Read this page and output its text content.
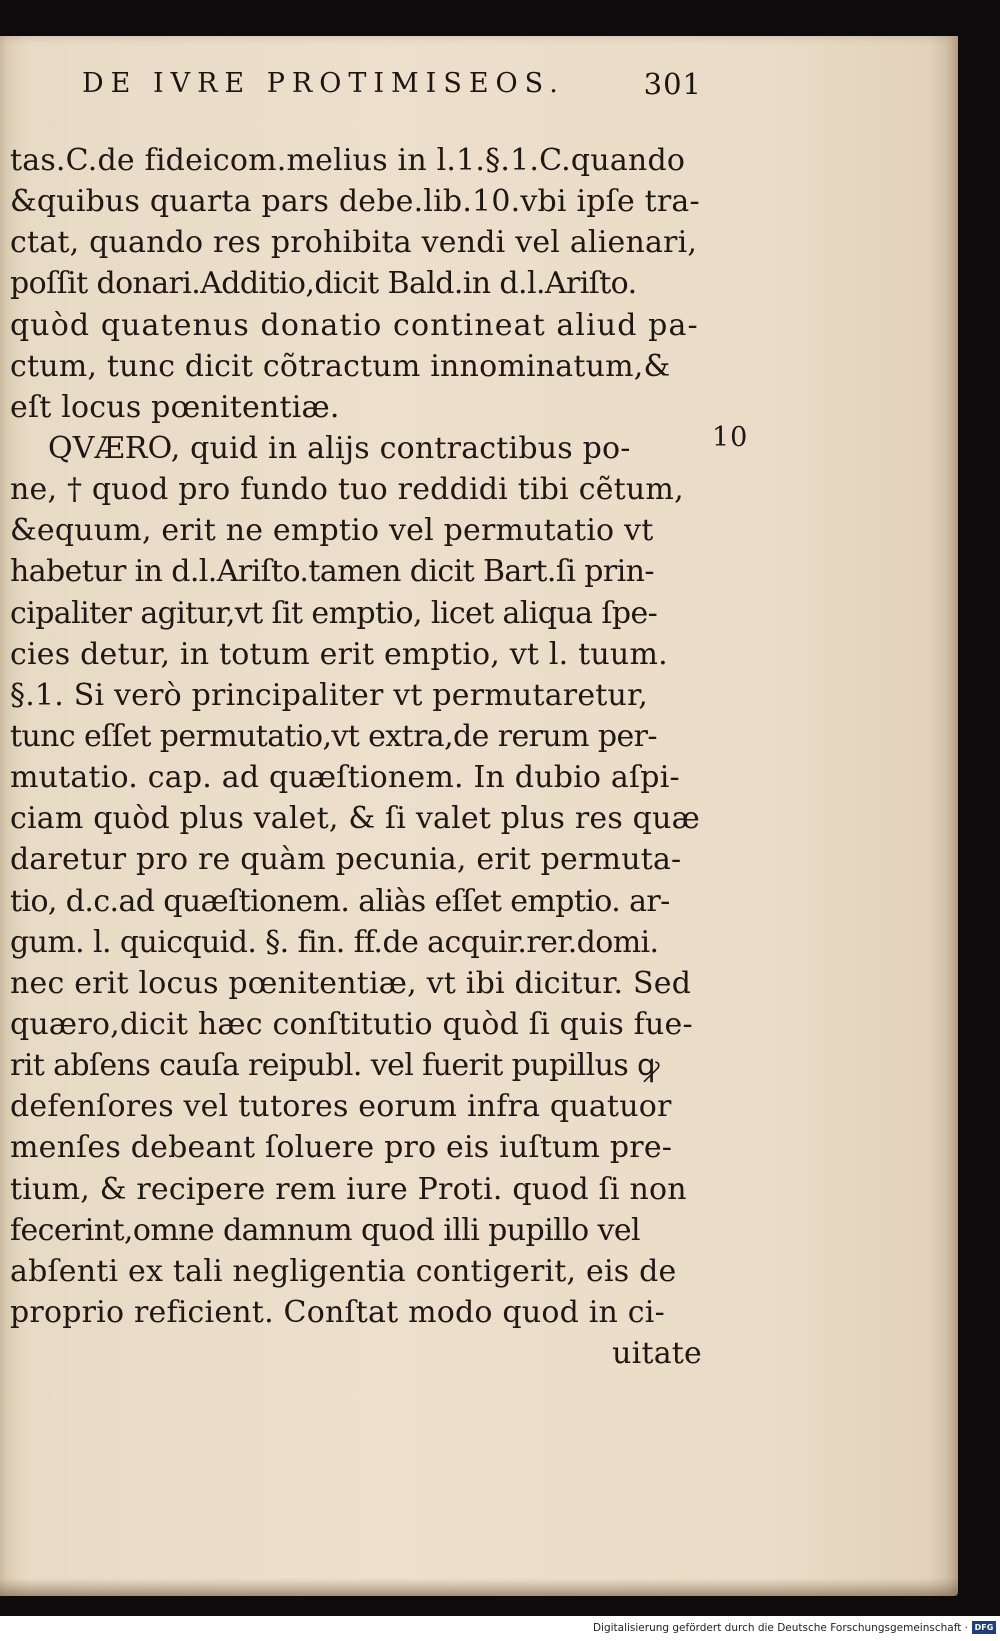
DE IVRE PROTIMISEOS.	301
tas.C.de fideicom.melius in l.1.§.1.C.quando
&quibus quarta pars debe.lib.10.vbi ipſe tra-
ctat, quando res prohibita vendi vel alienari,
poſſit donari.Additio,dicit Bald.in d.l.Ariſto.
quòd quatenus donatio contineat aliud pa-
ctum, tunc dicit cõtractum innominatum,&
eſt locus pœnitentiæ.
QVÆRO, quid in alijs contractibus po-
ne, † quod pro fundo tuo reddidi tibi cẽtum,
&equum, erit ne emptio vel permutatio vt
habetur in d.l.Ariſto.tamen dicit Bart.ſi prin-
cipaliter agitur,vt ſit emptio, licet aliqua ſpe-
cies detur, in totum erit emptio, vt l. tuum.
§.1. Si verò principaliter vt permutaretur,
tunc eſſet permutatio,vt extra,de rerum per-
mutatio. cap. ad quæſtionem. In dubio aſpi-
ciam quòd plus valet, & ſi valet plus res quæ
daretur pro re quàm pecunia, erit permuta-
tio, d.c.ad quæſtionem. aliàs eſſet emptio. ar-
gum. l. quicquid. §. fin. ff.de acquir.rer.domi.
nec erit locus pœnitentiæ, vt ibi dicitur. Sed
quæro,dicit hæc conſtitutio quòd ſi quis fue-
rit abſens cauſa reipubl. vel fuerit pupillus ꝙ
defenſores vel tutores eorum infra quatuor
menſes debeant ſoluere pro eis iuſtum pre-
tium, & recipere rem iure Proti. quod ſi non
fecerint,omne damnum quod illi pupillo vel
abſenti ex tali negligentia contigerit, eis de
proprio reficient. Conſtat modo quod in ci-
uitate
10
Digitalisierung gefördert durch die Deutsche Forschungsgemeinschaft · DFG
